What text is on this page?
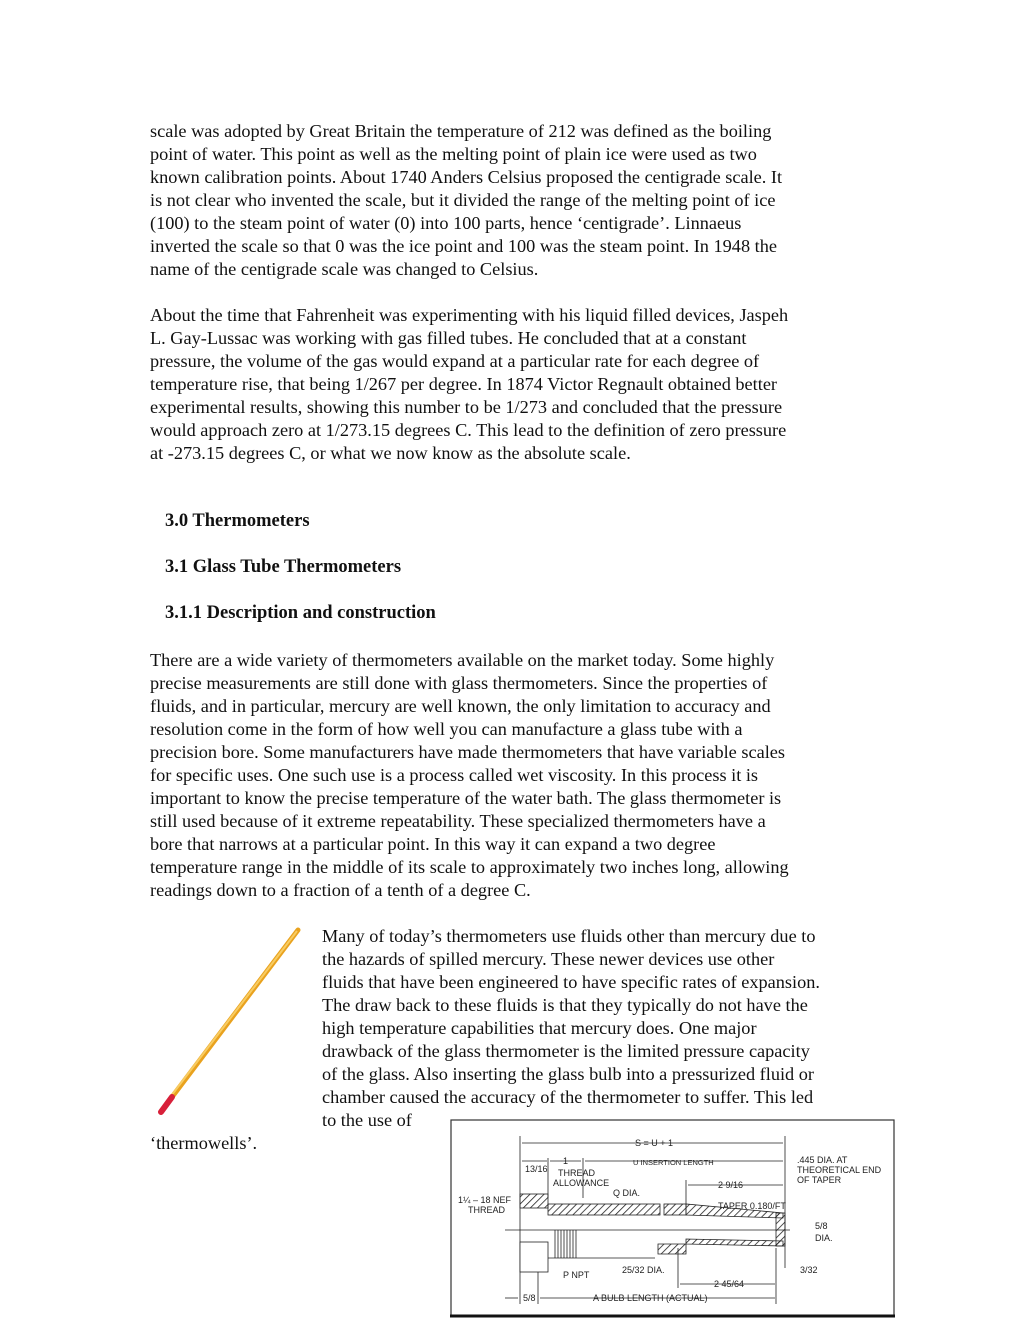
scale was adopted by Great Britain the temperature of 212 was defined as the boiling
point of water. This point as well as the melting point of plain ice were used as two
known calibration points. About 1740 Anders Celsius proposed the centigrade scale. It
is not clear who invented the scale, but it divided the range of the melting point of ice
(100) to the steam point of water (0) into 100 parts, hence ‘centigrade’. Linnaeus
inverted the scale so that 0 was the ice point and 100 was the steam point. In 1948 the
name of the centigrade scale was changed to Celsius.
About the time that Fahrenheit was experimenting with his liquid filled devices, Jaspeh
L. Gay-Lussac was working with gas filled tubes. He concluded that at a constant
pressure, the volume of the gas would expand at a particular rate for each degree of
temperature rise, that being 1/267 per degree. In 1874 Victor Regnault obtained better
experimental results, showing this number to be 1/273 and concluded that the pressure
would approach zero at 1/273.15 degrees C. This lead to the definition of zero pressure
at -273.15 degrees C, or what we now know as the absolute scale.
3.0 Thermometers
3.1 Glass Tube Thermometers
3.1.1 Description and construction
There are a wide variety of thermometers available on the market today. Some highly
precise measurements are still done with glass thermometers. Since the properties of
fluids, and in particular, mercury are well known, the only limitation to accuracy and
resolution come in the form of how well you can manufacture a glass tube with a
precision bore. Some manufacturers have made thermometers that have variable scales
for specific uses. One such use is a process called wet viscosity. In this process it is
important to know the precise temperature of the water bath. The glass thermometer is
still used because of it extreme repeatability. These specialized thermometers have a
bore that narrows at a particular point. In this way it can expand a two degree
temperature range in the middle of its scale to approximately two inches long, allowing
readings down to a fraction of a tenth of a degree C.
Many of today’s thermometers use fluids other than mercury due to
the hazards of spilled mercury. These newer devices use other
fluids that have been engineered to have specific rates of expansion.
The draw back to these fluids is that they typically do not have the
high temperature capabilities that mercury does. One major
drawback of the glass thermometer is the limited pressure capacity
of the glass. Also inserting the glass bulb into a pressurized fluid or
chamber caused the accuracy of the thermometer to suffer. This led
to the use of
‘thermowells’.	S = U + 1
13/16
1	U INSERTION LENGTH	.445 DIA. AT
THEORETICAL END
OF TAPER
THREAD
ALLOWANCE
Q DIA.
2 9/16
1¼ – 18 NEF
THREAD	TAPER 0.180/FT
5/8
DIA.
25/32 DIA.
P NPT	3/32
2 45/64
5/8	A BULB LENGTH (ACTUAL)
